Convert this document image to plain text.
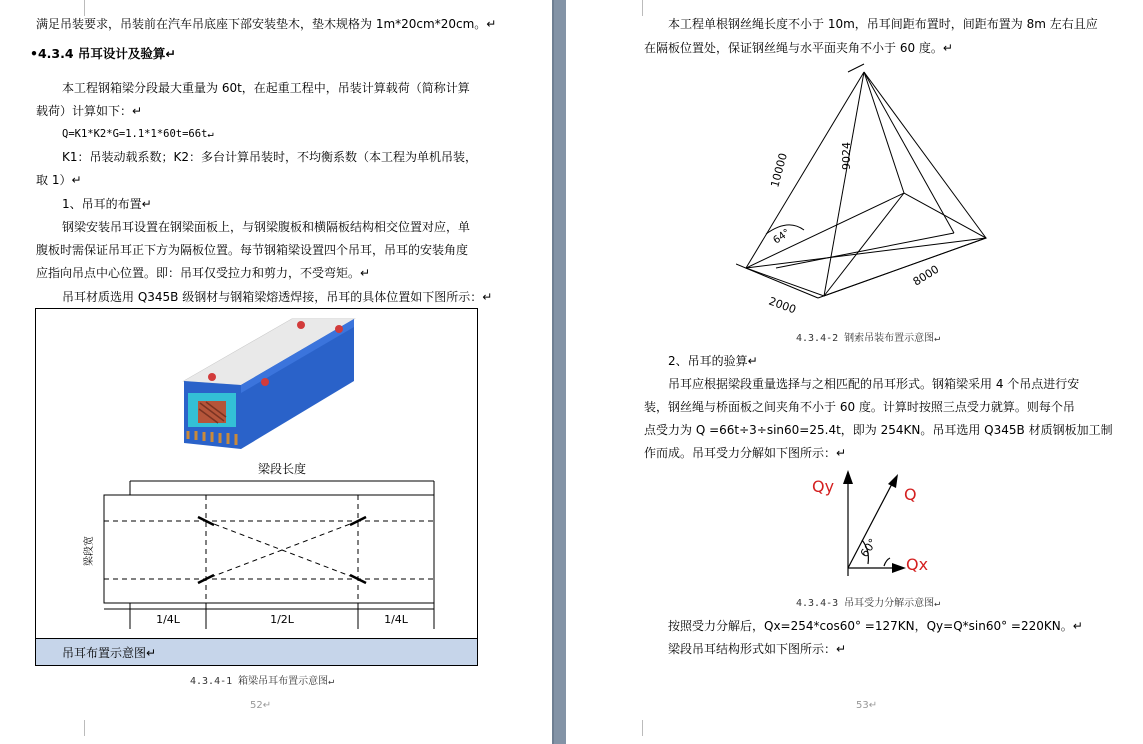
满足吊装要求，吊装前在汽车吊底座下部安装垫木，垫木规格为 1m*20cm*20cm。↵
•4.3.4 吊耳设计及验算↵
本工程钢箱梁分段最大重量为 60t，在起重工程中，吊装计算载荷（简称计算
载荷）计算如下：↵
Q=K1*K2*G=1.1*1*60t=66t↵
K1：吊装动载系数；K2：多台计算吊装时，不均衡系数（本工程为单机吊装，
取 1）↵
1、吊耳的布置↵
钢梁安装吊耳设置在钢梁面板上，与钢梁腹板和横隔板结构相交位置对应，单
腹板时需保证吊耳正下方为隔板位置。每节钢箱梁设置四个吊耳，吊耳的安装角度
应指向吊点中心位置。即：吊耳仅受拉力和剪力，不受弯矩。↵
吊耳材质选用 Q345B 级钢材与钢箱梁熔透焊接，吊耳的具体位置如下图所示：↵
梁段长度
梁段宽
1/4L	1/2L	1/4L
吊耳布置示意图↵
4.3.4-1 箱梁吊耳布置示意图↵
52↵
本工程单根钢丝绳长度不小于 10m，吊耳间距布置时，间距布置为 8m 左右且应
在隔板位置处，保证钢丝绳与水平面夹角不小于 60 度。↵
10000	9024
8000
2000
64°
4.3.4-2 钢索吊装布置示意图↵
2、吊耳的验算↵
吊耳应根据梁段重量选择与之相匹配的吊耳形式。钢箱梁采用 4 个吊点进行安
装，钢丝绳与桥面板之间夹角不小于 60 度。计算时按照三点受力就算。则每个吊
点受力为 Q =66t÷3÷sin60=25.4t，即为 254KN。吊耳选用 Q345B 材质钢板加工制
作而成。吊耳受力分解如下图所示：↵
Qy	Q
Qx
60°
4.3.4-3 吊耳受力分解示意图↵
按照受力分解后，Qx=254*cos60° =127KN，Qy=Q*sin60° =220KN。↵
梁段吊耳结构形式如下图所示：↵
53↵
